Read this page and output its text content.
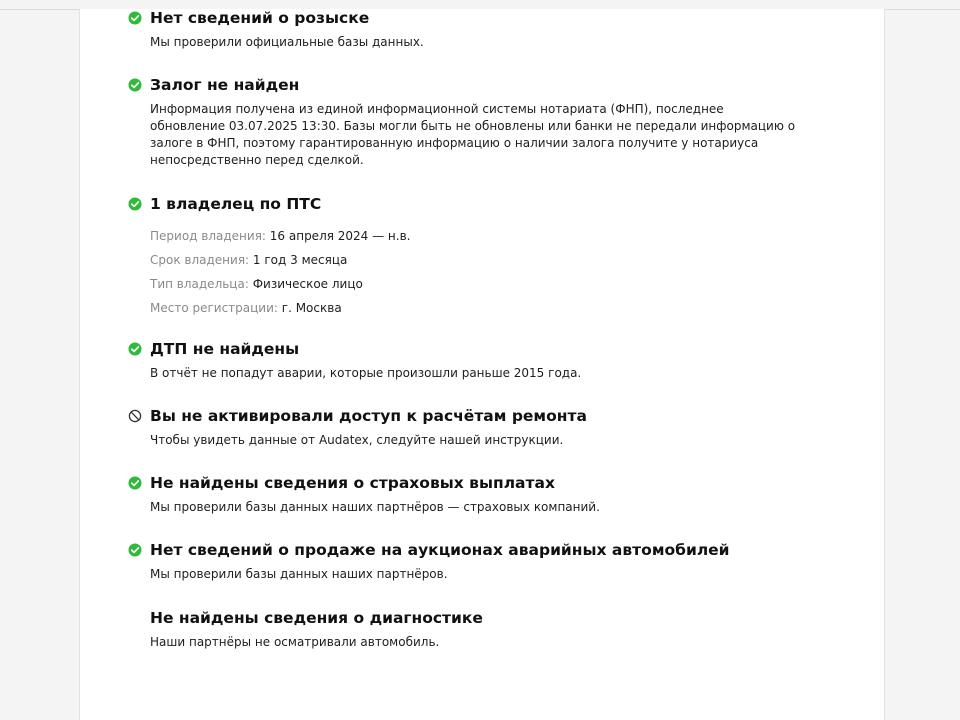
Нет сведений о розыске
Мы проверили официальные базы данных.
Залог не найден
Информация получена из единой информационной системы нотариата (ФНП), последнее
обновление 03.07.2025 13:30. Базы могли быть не обновлены или банки не передали информацию о
залоге в ФНП, поэтому гарантированную информацию о наличии залога получите у нотариуса
непосредственно перед сделкой.
1 владелец по ПТС
Период владения: 16 апреля 2024 — н.в.
Срок владения: 1 год 3 месяца
Тип владельца: Физическое лицо
Место регистрации: г. Москва
ДТП не найдены
В отчёт не попадут аварии, которые произошли раньше 2015 года.
Вы не активировали доступ к расчётам ремонта
Чтобы увидеть данные от Audatex, следуйте нашей инструкции.
Не найдены сведения о страховых выплатах
Мы проверили базы данных наших партнёров — страховых компаний.
Нет сведений о продаже на аукционах аварийных автомобилей
Мы проверили базы данных наших партнёров.
Не найдены сведения о диагностике
Наши партнёры не осматривали автомобиль.
